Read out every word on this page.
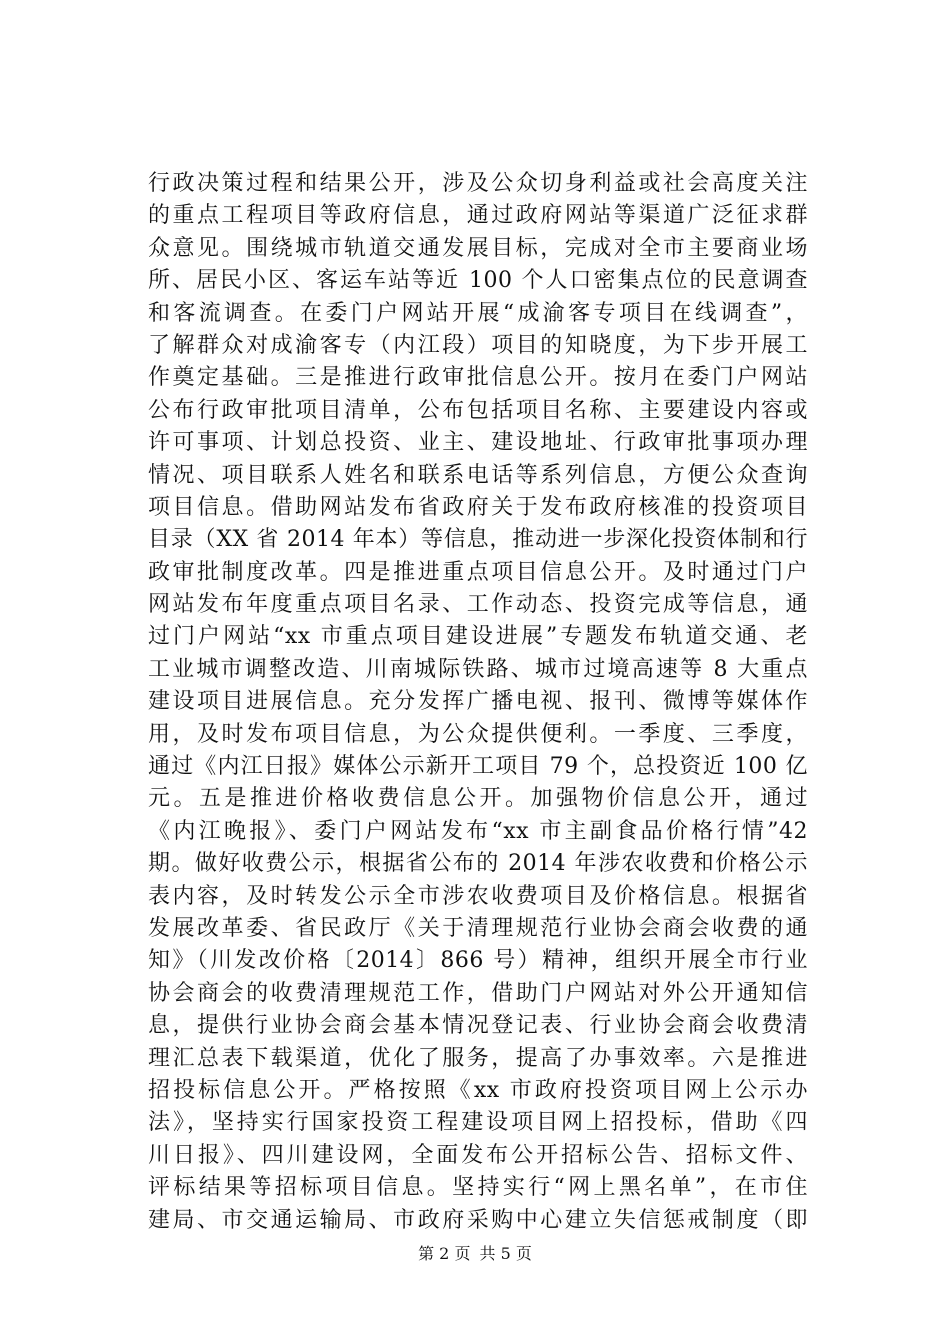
行政决策过程和结果公开，涉及公众切身利益或社会高度关注
的重点工程项目等政府信息，通过政府网站等渠道广泛征求群
众意见。围绕城市轨道交通发展目标，完成对全市主要商业场
所、居民小区、客运车站等近 100 个人口密集点位的民意调查
和客流调查。在委门户网站开展“成渝客专项目在线调查”，
了解群众对成渝客专（内江段）项目的知晓度，为下步开展工
作奠定基础。三是推进行政审批信息公开。按月在委门户网站
公布行政审批项目清单，公布包括项目名称、主要建设内容或
许可事项、计划总投资、业主、建设地址、行政审批事项办理
情况、项目联系人姓名和联系电话等系列信息，方便公众查询
项目信息。借助网站发布省政府关于发布政府核准的投资项目
目录（XX 省 2014 年本）等信息，推动进一步深化投资体制和行
政审批制度改革。四是推进重点项目信息公开。及时通过门户
网站发布年度重点项目名录、工作动态、投资完成等信息，通
过门户网站“xx 市重点项目建设进展”专题发布轨道交通、老
工业城市调整改造、川南城际铁路、城市过境高速等 8 大重点
建设项目进展信息。充分发挥广播电视、报刊、微博等媒体作
用，及时发布项目信息，为公众提供便利。一季度、三季度，
通过《内江日报》媒体公示新开工项目 79 个，总投资近 100 亿
元。五是推进价格收费信息公开。加强物价信息公开，通过
《内江晚报》、委门户网站发布“xx 市主副食品价格行情”42
期。做好收费公示，根据省公布的 2014 年涉农收费和价格公示
表内容，及时转发公示全市涉农收费项目及价格信息。根据省
发展改革委、省民政厅《关于清理规范行业协会商会收费的通
知》（川发改价格〔2014〕866 号）精神，组织开展全市行业
协会商会的收费清理规范工作，借助门户网站对外公开通知信
息，提供行业协会商会基本情况登记表、行业协会商会收费清
理汇总表下载渠道，优化了服务，提高了办事效率。六是推进
招投标信息公开。严格按照《xx 市政府投资项目网上公示办
法》，坚持实行国家投资工程建设项目网上招投标，借助《四
川日报》、四川建设网，全面发布公开招标公告、招标文件、
评标结果等招标项目信息。坚持实行“网上黑名单”，在市住
建局、市交通运输局、市政府采购中心建立失信惩戒制度（即
第 2 页 共 5 页
